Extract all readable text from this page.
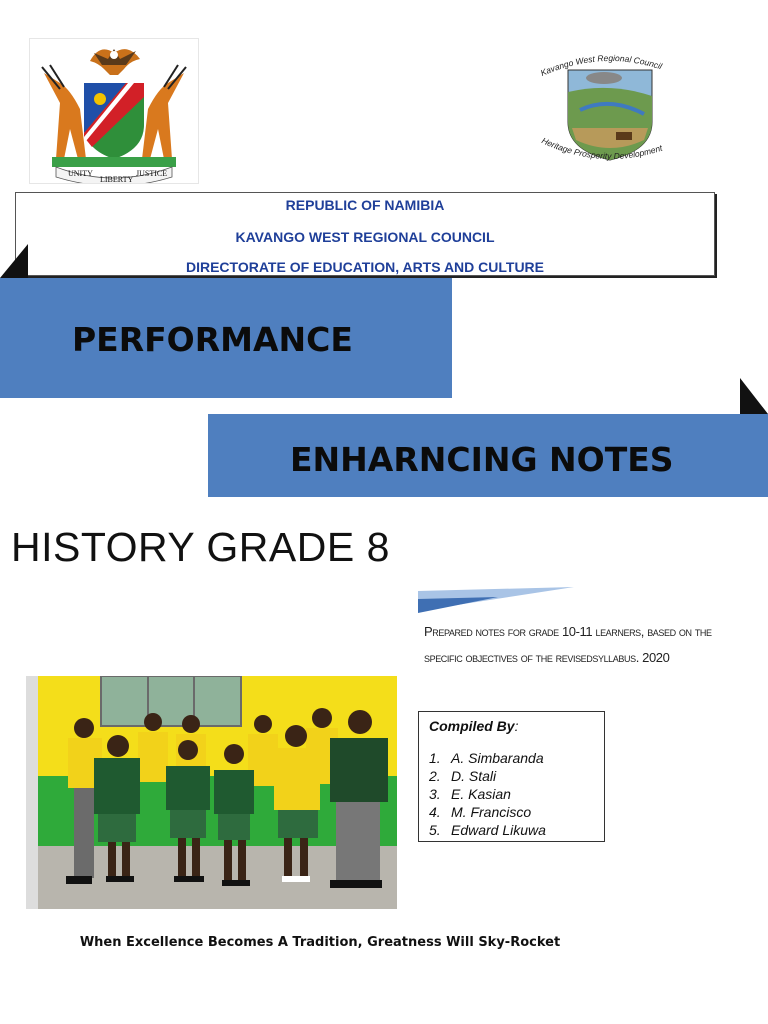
UNITY
LIBERTY
JUSTICE
Kavango West Regional Council
Heritage Prosperity Development
REPUBLIC OF NAMIBIA
KAVANGO WEST REGIONAL COUNCIL
DIRECTORATE OF EDUCATION, ARTS AND CULTURE
PERFORMANCE
ENHARNCING NOTES
HISTORY GRADE 8
Prepared notes for grade 10-11 learners, based on the
specific objectives of the revisedsyllabus. 2020
Compiled By:
1. A. Simbaranda
2. D. Stali
3. E. Kasian
4. M. Francisco
5. Edward Likuwa
When Excellence Becomes A Tradition, Greatness Will Sky-Rocket
